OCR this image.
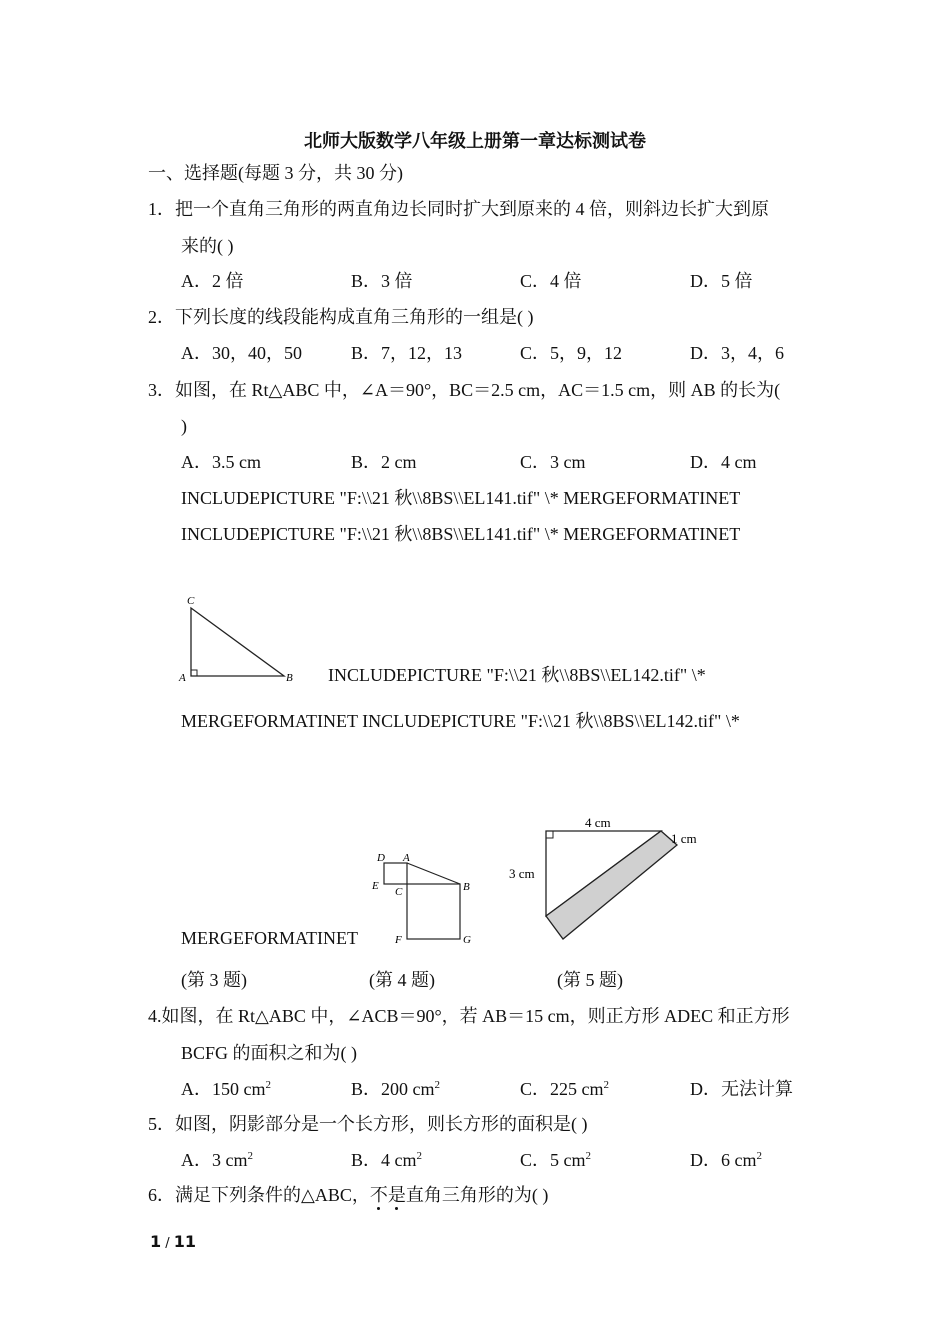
北师大版数学八年级上册第一章达标测试卷
一、选择题(每题 3 分，共 30 分)
1．把一个直角三角形的两直角边长同时扩大到原来的 4 倍，则斜边长扩大到原
来的( )
A．2 倍	B．3 倍	C．4 倍	D．5 倍
2．下列长度的线段能构成直角三角形的一组是( )
A．30，40，50	B．7，12，13	C．5，9，12	D．3，4，6
3．如图，在 Rt△ABC 中，∠A＝90°，BC＝2.5 cm，AC＝1.5 cm，则 AB 的长为(
)
A．3.5 cm	B．2 cm	C．3 cm	D．4 cm
INCLUDEPICTURE "F:\\21 秋\\8BS\\EL141.tif" \* MERGEFORMATINET
INCLUDEPICTURE "F:\\21 秋\\8BS\\EL141.tif" \* MERGEFORMATINET
C
A	B INCLUDEPICTURE "F:\\21 秋\\8BS\\EL142.tif" \*
MERGEFORMATINET INCLUDEPICTURE "F:\\21 秋\\8BS\\EL142.tif" \*
MERGEFORMATINET
D A
E C	B
F	G
4 cm
1 cm
3 cm
(第 3 题)	(第 4 题)	(第 5 题)
4.如图，在 Rt△ABC 中，∠ACB＝90°，若 AB＝15 cm，则正方形 ADEC 和正方形
BCFG 的面积之和为( )
A．150 $cm^2$	B．200 $cm^2$	C．225 $cm^2$	D．无法计算
5．如图，阴影部分是一个长方形，则长方形的面积是( )
A．3 $cm^2$	B．4 $cm^2$	C．5 $cm^2$	D．6 $cm^2$
6．满足下列条件的△ABC，不是
直角三角形的为( )
1 / 11
